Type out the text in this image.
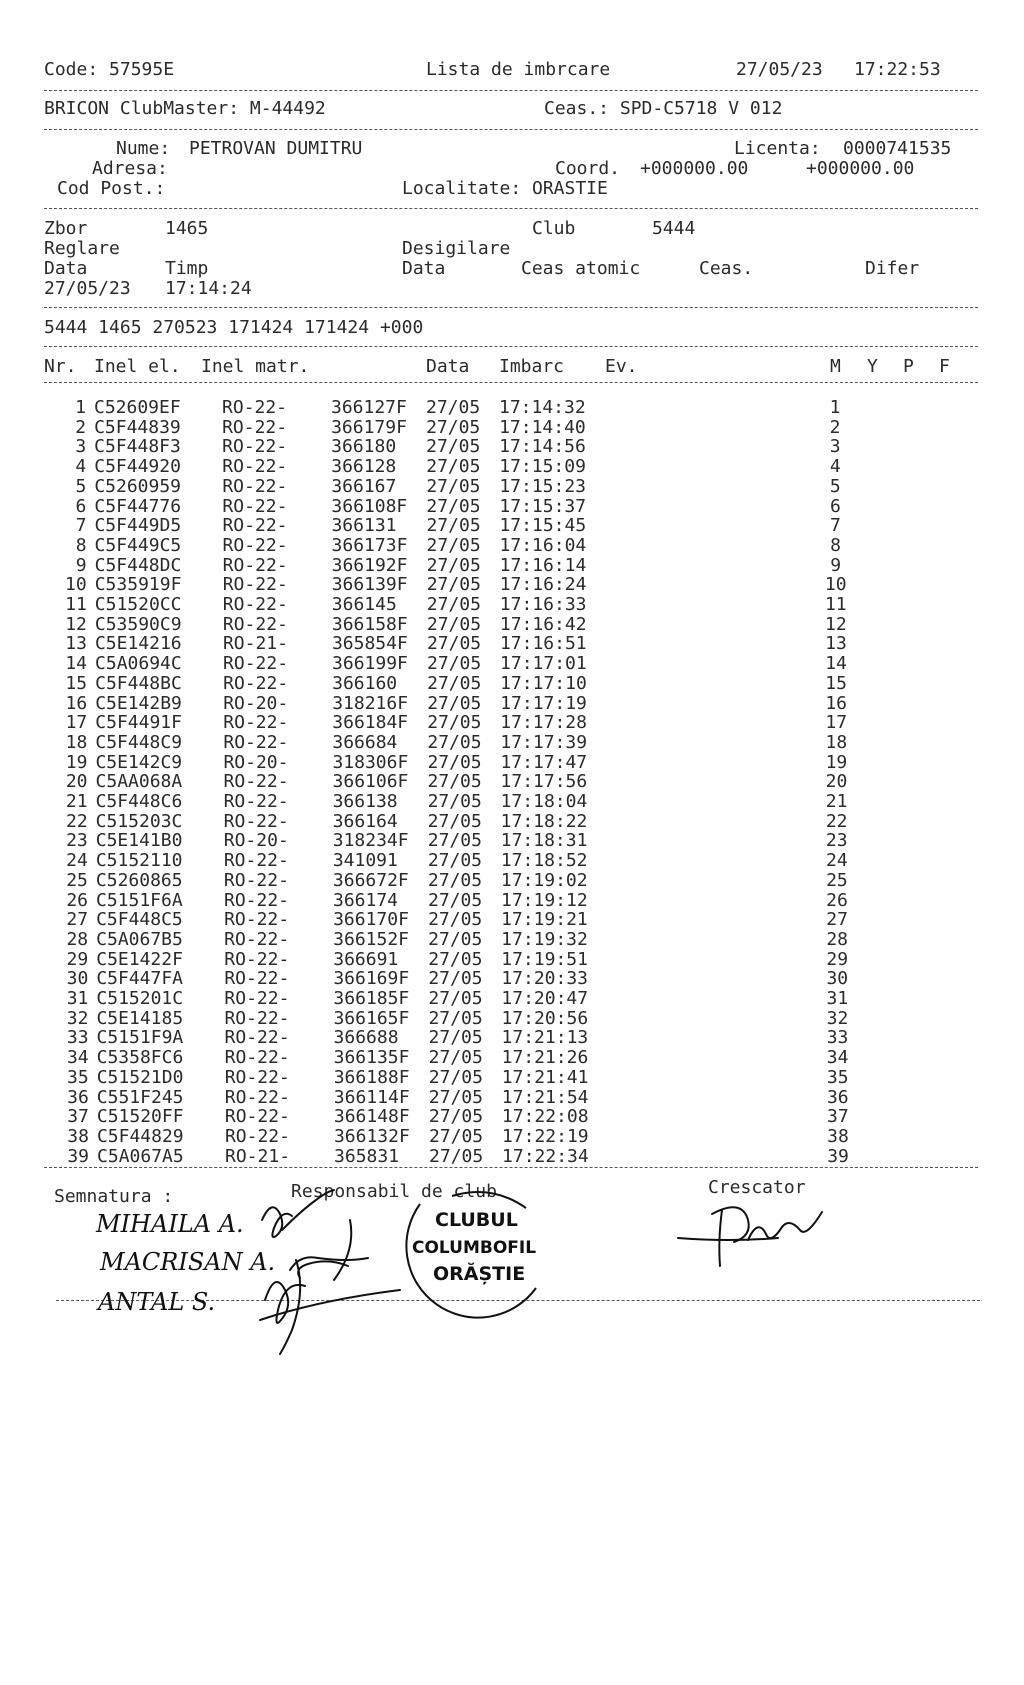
Code: 57595E	Lista de imbrcare	27/05/23 17:22:53
BRICON ClubMaster: M-44492	Ceas.: SPD-C5718 V 012
Nume: PETROVAN DUMITRU	Licenta: 0000741535
Adresa:	Coord. +000000.00	+000000.00
Cod Post.:	Localitate: ORASTIE
Zbor	1465	Club	5444
Reglare	Desigilare
Data	Timp	Data	Ceas atomic	Ceas.	Difer
27/05/23 17:14:24
5444 1465 270523 171424 171424 +000
Nr. Inel el. Inel matr.	Data Imbarc Ev.	M Y P F
1 C52609EF RO-22- 366127F 27/05 17:14:32	1
2 C5F44839 RO-22- 366179F 27/05 17:14:40	2
3 C5F448F3 RO-22- 366180 27/05 17:14:56	3
4 C5F44920 RO-22- 366128 27/05 17:15:09	4
5 C5260959 RO-22- 366167 27/05 17:15:23	5
6 C5F44776 RO-22- 366108F 27/05 17:15:37	6
7 C5F449D5 RO-22- 366131 27/05 17:15:45	7
8 C5F449C5 RO-22- 366173F 27/05 17:16:04	8
9 C5F448DC RO-22- 366192F 27/05 17:16:14	9
10 C535919F RO-22- 366139F 27/05 17:16:24	10
11 C51520CC RO-22- 366145 27/05 17:16:33	11
12 C53590C9 RO-22- 366158F 27/05 17:16:42	12
13 C5E14216 RO-21- 365854F 27/05 17:16:51	13
14 C5A0694C RO-22- 366199F 27/05 17:17:01	14
15 C5F448BC RO-22- 366160 27/05 17:17:10	15
16 C5E142B9 RO-20- 318216F 27/05 17:17:19	16
17 C5F4491F RO-22- 366184F 27/05 17:17:28	17
18 C5F448C9 RO-22- 366684 27/05 17:17:39	18
19 C5E142C9 RO-20- 318306F 27/05 17:17:47	19
20 C5AA068A RO-22- 366106F 27/05 17:17:56	20
21 C5F448C6 RO-22- 366138 27/05 17:18:04	21
22 C515203C RO-22- 366164 27/05 17:18:22	22
23 C5E141B0 RO-20- 318234F 27/05 17:18:31	23
24 C5152110 RO-22- 341091 27/05 17:18:52	24
25 C5260865 RO-22- 366672F 27/05 17:19:02	25
26 C5151F6A RO-22- 366174 27/05 17:19:12	26
27 C5F448C5 RO-22- 366170F 27/05 17:19:21	27
28 C5A067B5 RO-22- 366152F 27/05 17:19:32	28
29 C5E1422F RO-22- 366691 27/05 17:19:51	29
30 C5F447FA RO-22- 366169F 27/05 17:20:33	30
31 C515201C RO-22- 366185F 27/05 17:20:47	31
32 C5E14185 RO-22- 366165F 27/05 17:20:56	32
33 C5151F9A RO-22- 366688 27/05 17:21:13	33
34 C5358FC6 RO-22- 366135F 27/05 17:21:26	34
35 C51521D0 RO-22- 366188F 27/05 17:21:41	35
36 C551F245 RO-22- 366114F 27/05 17:21:54	36
37 C51520FF RO-22- 366148F 27/05 17:22:08	37
38 C5F44829 RO-22- 366132F 27/05 17:22:19	38
39 C5A067A5 RO-21- 365831 27/05 17:22:34	39
Semnatura :	Responsabil de club	Crescator
MIHAILA A.
MACRISAN A.
ANTAL S.
CLUBUL
COLUMBOFIL
ORĂȘTIE
